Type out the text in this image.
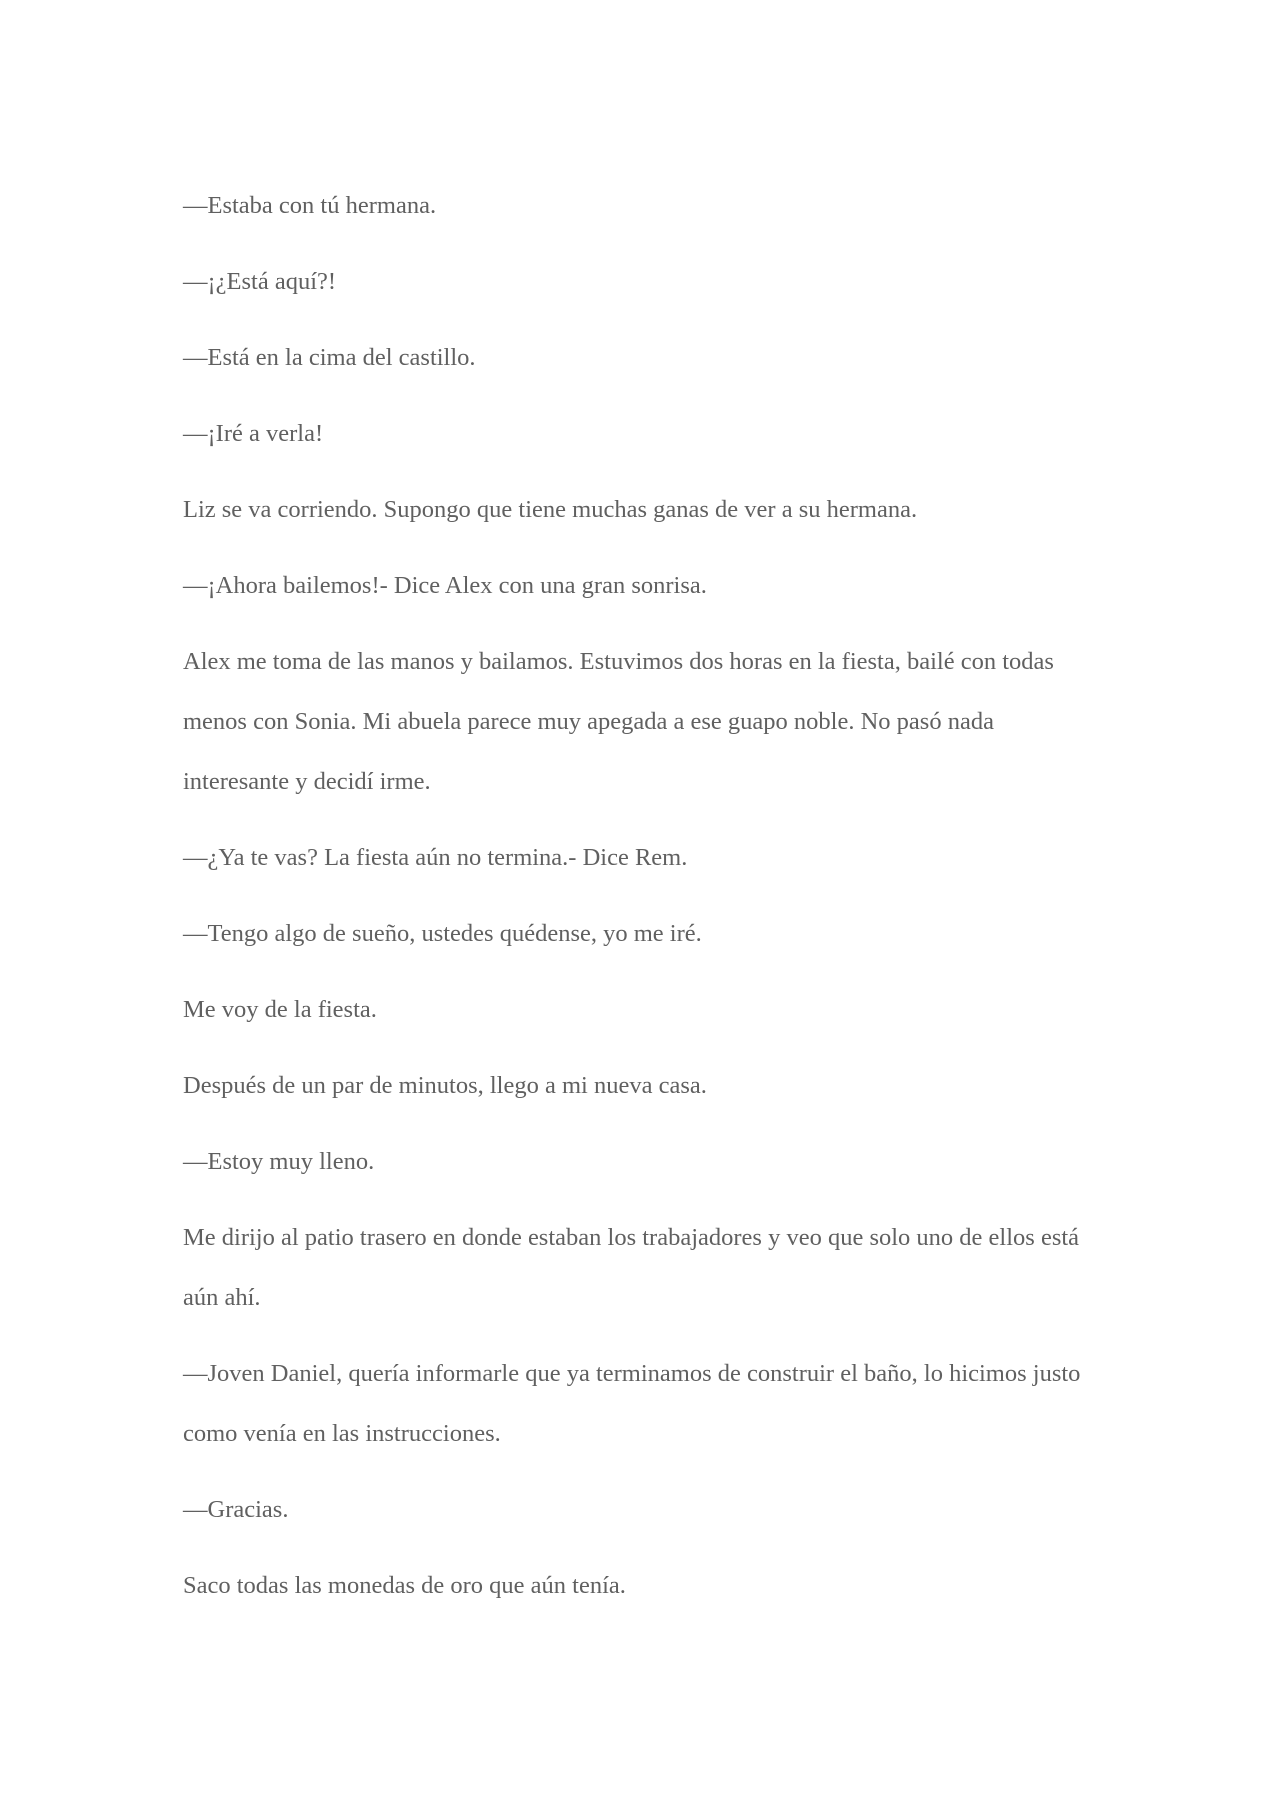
—Estaba con tú hermana.

—¡¿Está aquí?!

—Está en la cima del castillo.

—¡Iré a verla!

Liz se va corriendo. Supongo que tiene muchas ganas de ver a su hermana.

—¡Ahora bailemos!- Dice Alex con una gran sonrisa.

Alex me toma de las manos y bailamos. Estuvimos dos horas en la fiesta, bailé con todas menos con Sonia. Mi abuela parece muy apegada a ese guapo noble. No pasó nada interesante y decidí irme.

—¿Ya te vas? La fiesta aún no termina.- Dice Rem.

—Tengo algo de sueño, ustedes quédense, yo me iré.

Me voy de la fiesta.

Después de un par de minutos, llego a mi nueva casa.

—Estoy muy lleno.

Me dirijo al patio trasero en donde estaban los trabajadores y veo que solo uno de ellos está aún ahí.

—Joven Daniel, quería informarle que ya terminamos de construir el baño, lo hicimos justo como venía en las instrucciones.

—Gracias.

Saco todas las monedas de oro que aún tenía.
